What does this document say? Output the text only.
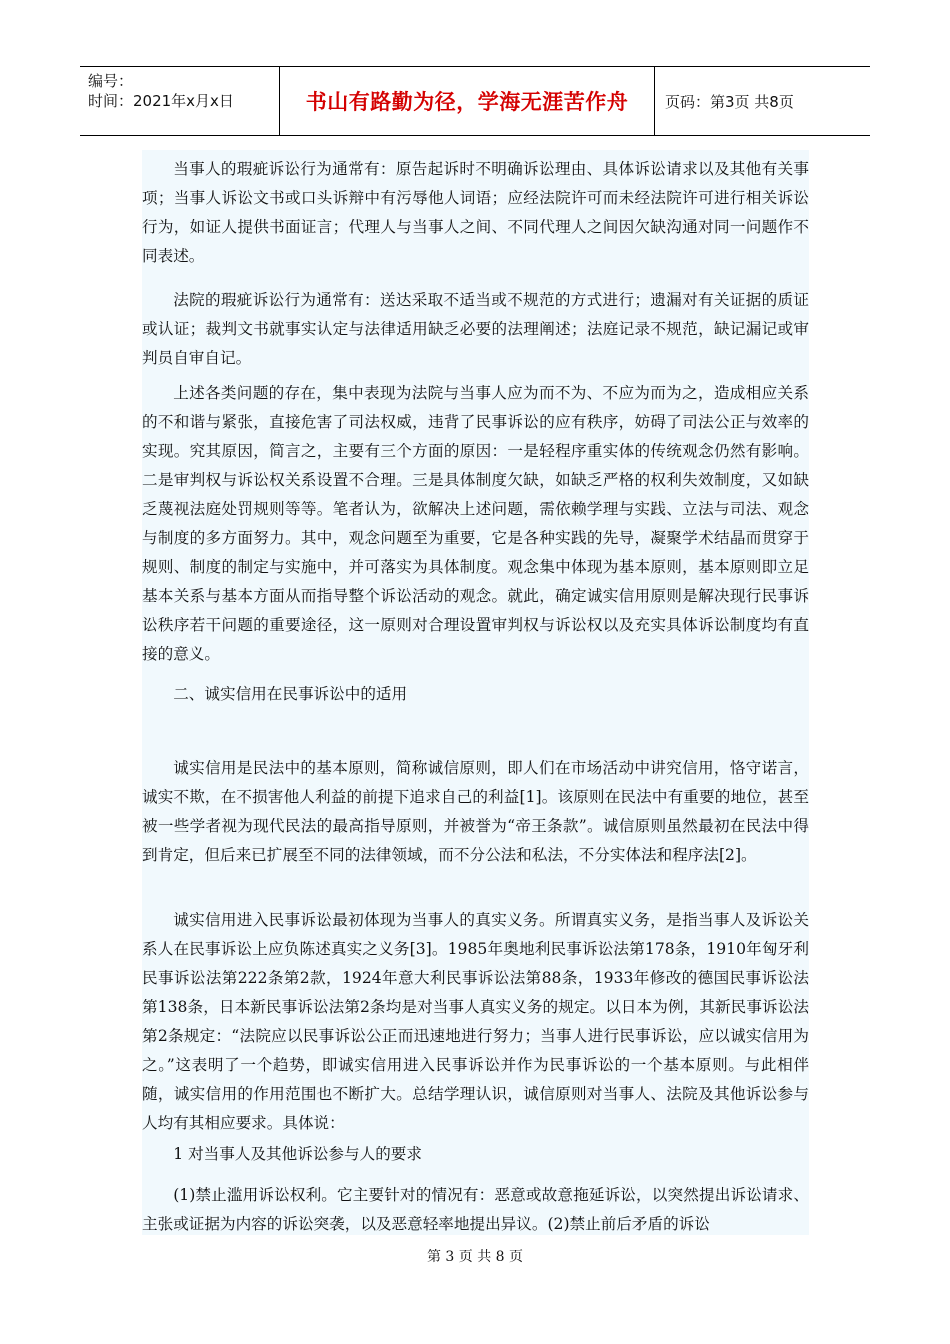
编号：
时间：2021年x月x日	书山有路勤为径，学海无涯苦作舟	页码：第3页 共8页

当事人的瑕疵诉讼行为通常有：原告起诉时不明确诉讼理由、具体诉讼请求以及其他有关事项；当事人诉讼文书或口头诉辩中有污辱他人词语；应经法院许可而未经法院许可进行相关诉讼行为，如证人提供书面证言；代理人与当事人之间、不同代理人之间因欠缺沟通对同一问题作不同表述。

法院的瑕疵诉讼行为通常有：送达采取不适当或不规范的方式进行；遗漏对有关证据的质证或认证；裁判文书就事实认定与法律适用缺乏必要的法理阐述；法庭记录不规范，缺记漏记或审判员自审自记。

上述各类问题的存在，集中表现为法院与当事人应为而不为、不应为而为之，造成相应关系的不和谐与紧张，直接危害了司法权威，违背了民事诉讼的应有秩序，妨碍了司法公正与效率的实现。究其原因，简言之，主要有三个方面的原因：一是轻程序重实体的传统观念仍然有影响。二是审判权与诉讼权关系设置不合理。三是具体制度欠缺，如缺乏严格的权利失效制度，又如缺乏蔑视法庭处罚规则等等。笔者认为，欲解决上述问题，需依赖学理与实践、立法与司法、观念与制度的多方面努力。其中，观念问题至为重要，它是各种实践的先导，凝聚学术结晶而贯穿于规则、制度的制定与实施中，并可落实为具体制度。观念集中体现为基本原则，基本原则即立足基本关系与基本方面从而指导整个诉讼活动的观念。就此，确定诚实信用原则是解决现行民事诉讼秩序若干问题的重要途径，这一原则对合理设置审判权与诉讼权以及充实具体诉讼制度均有直接的意义。

二、诚实信用在民事诉讼中的适用

诚实信用是民法中的基本原则，简称诚信原则，即人们在市场活动中讲究信用，恪守诺言，诚实不欺，在不损害他人利益的前提下追求自己的利益[1]。该原则在民法中有重要的地位，甚至被一些学者视为现代民法的最高指导原则，并被誉为“帝王条款”。诚信原则虽然最初在民法中得到肯定，但后来已扩展至不同的法律领域，而不分公法和私法，不分实体法和程序法[2]。

诚实信用进入民事诉讼最初体现为当事人的真实义务。所谓真实义务，是指当事人及诉讼关系人在民事诉讼上应负陈述真实之义务[3]。1985年奥地利民事诉讼法第178条，1910年匈牙利民事诉讼法第222条第2款，1924年意大利民事诉讼法第88条，1933年修改的德国民事诉讼法第138条，日本新民事诉讼法第2条均是对当事人真实义务的规定。以日本为例，其新民事诉讼法第2条规定：“法院应以民事诉讼公正而迅速地进行努力；当事人进行民事诉讼，应以诚实信用为之。”这表明了一个趋势，即诚实信用进入民事诉讼并作为民事诉讼的一个基本原则。与此相伴随，诚实信用的作用范围也不断扩大。总结学理认识，诚信原则对当事人、法院及其他诉讼参与人均有其相应要求。具体说：

1 对当事人及其他诉讼参与人的要求

(1)禁止滥用诉讼权利。它主要针对的情况有：恶意或故意拖延诉讼，以突然提出诉讼请求、主张或证据为内容的诉讼突袭，以及恶意轻率地提出异议。(2)禁止前后矛盾的诉讼

第 3 页 共 8 页
